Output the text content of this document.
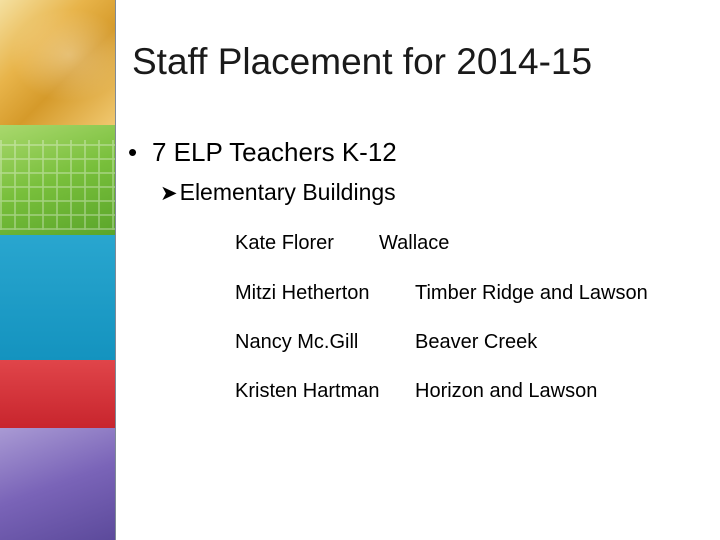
Staff Placement for 2014-15
• 7 ELP Teachers K-12
➤Elementary Buildings
Kate Florer Wallace
Mitzi Hetherton Timber Ridge and Lawson
Nancy Mc.Gill	Beaver Creek
Kristen Hartman Horizon and Lawson
